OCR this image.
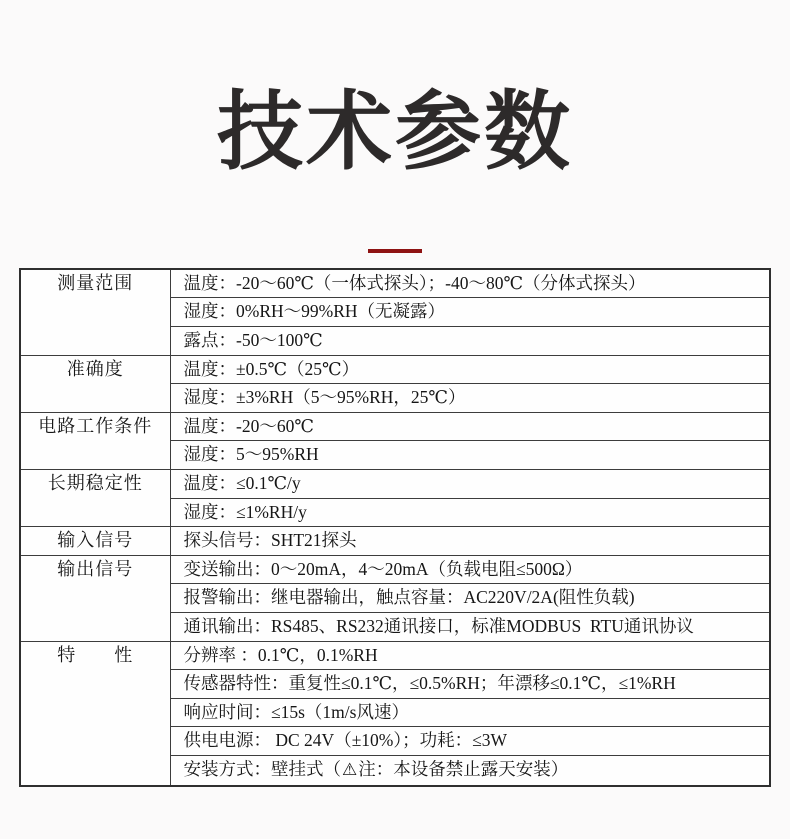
技术参数
测量范围	温度：-20～60℃（一体式探头）；-40～80℃（分体式探头）
	湿度：0%RH～99%RH（无凝露）
	露点：-50～100℃
准确度	温度：±0.5℃（25℃）
	湿度：±3%RH（5～95%RH，25℃）
电路工作条件	温度：-20～60℃
	湿度：5～95%RH
长期稳定性	温度：≤0.1℃/y
	湿度：≤1%RH/y
输入信号	探头信号：SHT21探头
输出信号	变送输出：0～20mA，4～20mA（负载电阻≤500Ω）
	报警输出：继电器输出，触点容量：AC220V/2A(阻性负载)
	通讯输出：RS485、RS232通讯接口，标准MODBUS  RTU通讯协议
特　　性	分辨率 ：0.1℃，0.1%RH
	传感器特性：重复性≤0.1℃，≤0.5%RH；年漂移≤0.1℃，≤1%RH
	响应时间：≤15s（1m/s风速）
	供电电源： DC 24V（±10%）；功耗：≤3W
	安装方式：壁挂式（⚠注：本设备禁止露天安装）
